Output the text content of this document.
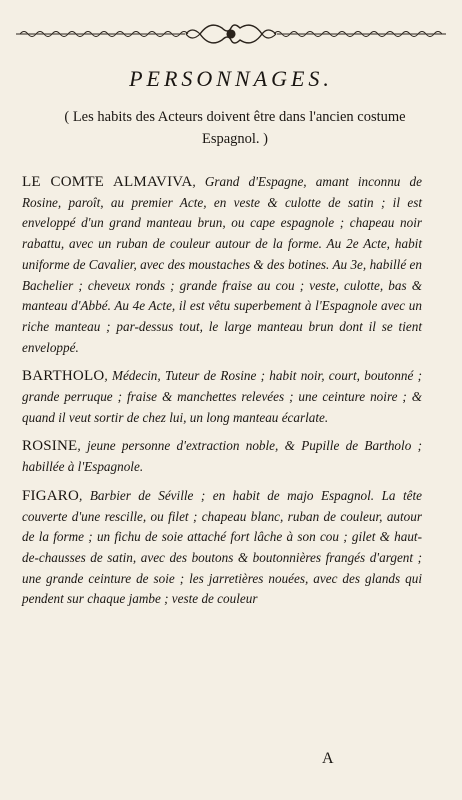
PERSONNAGES.
( Les habits des Acteurs doivent être dans l'ancien costume Espagnol. )
LE COMTE ALMAVIVA, Grand d'Espagne, amant inconnu de Rosine, paroît, au premier Acte, en veste & culotte de satin ; il est enveloppé d'un grand manteau brun, ou cape espagnole ; chapeau noir rabattu, avec un ruban de couleur autour de la forme. Au 2e Acte, habit uniforme de Cavalier, avec des moustaches & des botines. Au 3e, habillé en Bachelier ; cheveux ronds ; grande fraise au cou ; veste, culotte, bas & manteau d'Abbé. Au 4e Acte, il est vêtu superbement à l'Espagnole avec un riche manteau ; par-dessus tout, le large manteau brun dont il se tient enveloppé.
BARTHOLO, Médecin, Tuteur de Rosine ; habit noir, court, boutonné ; grande perruque ; fraise & manchettes relevées ; une ceinture noire ; & quand il veut sortir de chez lui, un long manteau écarlate.
ROSINE, jeune personne d'extraction noble, & Pupille de Bartholo ; habillée à l'Espagnole.
FIGARO, Barbier de Séville ; en habit de majo Espagnol. La tête couverte d'une rescille, ou filet ; chapeau blanc, ruban de couleur, autour de la forme ; un fichu de soie attaché fort lâche à son cou ; gilet & haut-de-chausses de satin, avec des boutons & boutonnières frangés d'argent ; une grande ceinture de soie ; les jarretières nouées, avec des glands qui pendent sur chaque jambe ; veste de couleur
A
